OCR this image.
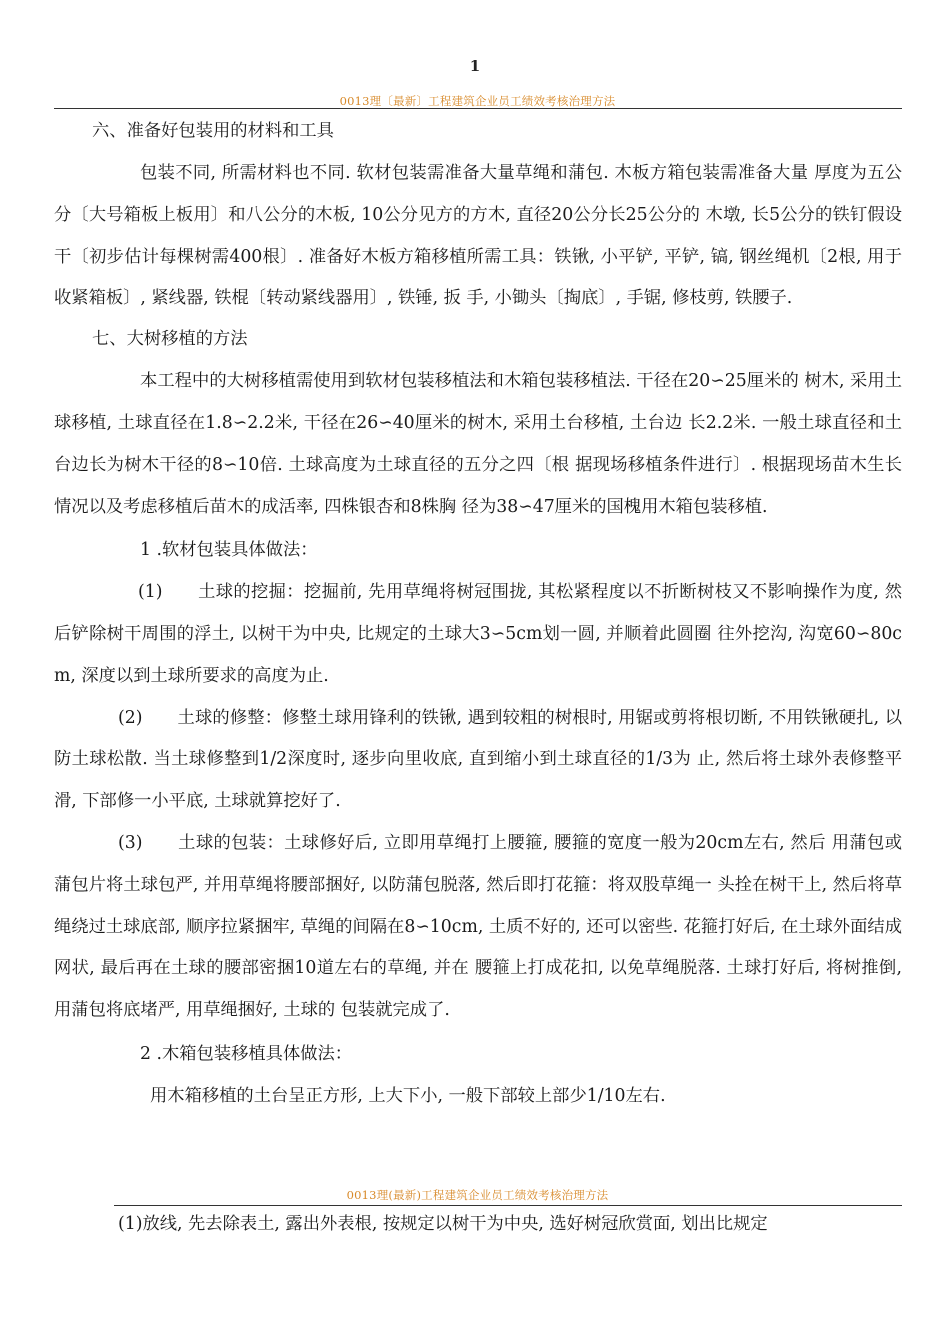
1
0013理〔最新〕工程建筑企业员工绩效考核治理方法

六、准备好包装用的材料和工具

包装不同, 所需材料也不同. 软材包装需准备大量草绳和蒲包. 木板方箱包装需准备大量 厚度为五公分〔大号箱板上板用〕和八公分的木板, 10公分见方的方木, 直径20公分长25公分的 木墩, 长5公分的铁钉假设干〔初步估计每棵树需400根〕. 准备好木板方箱移植所需工具：铁锹, 小平铲, 平铲, 镐, 钢丝绳机〔2根, 用于收紧箱板〕, 紧线器, 铁棍〔转动紧线器用〕, 铁锤, 扳 手, 小锄头〔掏底〕, 手锯, 修枝剪, 铁腰子.

七、大树移植的方法

本工程中的大树移植需使用到软材包装移植法和木箱包装移植法. 干径在20∽25厘米的 树木, 采用土球移植, 土球直径在1.8∽2.2米, 干径在26∽40厘米的树木, 采用土台移植, 土台边 长2.2米. 一般土球直径和土台边长为树木干径的8∽10倍. 土球高度为土球直径的五分之四〔根 据现场移植条件进行〕. 根据现场苗木生长情况以及考虑移植后苗木的成活率, 四株银杏和8株胸 径为38∽47厘米的国槐用木箱包装移植.

1 .软材包装具体做法：

(1)　　土球的挖掘：挖掘前, 先用草绳将树冠围拢, 其松紧程度以不折断树枝又不影响操作为度, 然后铲除树干周围的浮土, 以树干为中央, 比规定的土球大3∽5cm划一圆, 并顺着此圆圈 往外挖沟, 沟宽60∽80cm, 深度以到土球所要求的高度为止.

(2)　　土球的修整：修整土球用锋利的铁锹, 遇到较粗的树根时, 用锯或剪将根切断, 不用铁锹硬扎, 以防土球松散. 当土球修整到1/2深度时, 逐步向里收底, 直到缩小到土球直径的1/3为 止, 然后将土球外表修整平滑, 下部修一小平底, 土球就算挖好了.

(3)　　土球的包装：土球修好后, 立即用草绳打上腰箍, 腰箍的宽度一般为20cm左右, 然后 用蒲包或蒲包片将土球包严, 并用草绳将腰部捆好, 以防蒲包脱落, 然后即打花箍：将双股草绳一 头拴在树干上, 然后将草绳绕过土球底部, 顺序拉紧捆牢, 草绳的间隔在8∽10cm, 土质不好的, 还可以密些. 花箍打好后, 在土球外面结成网状, 最后再在土球的腰部密捆10道左右的草绳, 并在 腰箍上打成花扣, 以免草绳脱落. 土球打好后, 将树推倒, 用蒲包将底堵严, 用草绳捆好, 土球的 包装就完成了.

2 .木箱包装移植具体做法：

用木箱移植的土台呈正方形, 上大下小, 一般下部较上部少1/10左右.

0013理(最新)工程建筑企业员工绩效考核治理方法
(1)放线, 先去除表土, 露出外表根, 按规定以树干为中央, 选好树冠欣赏面, 划出比规定
